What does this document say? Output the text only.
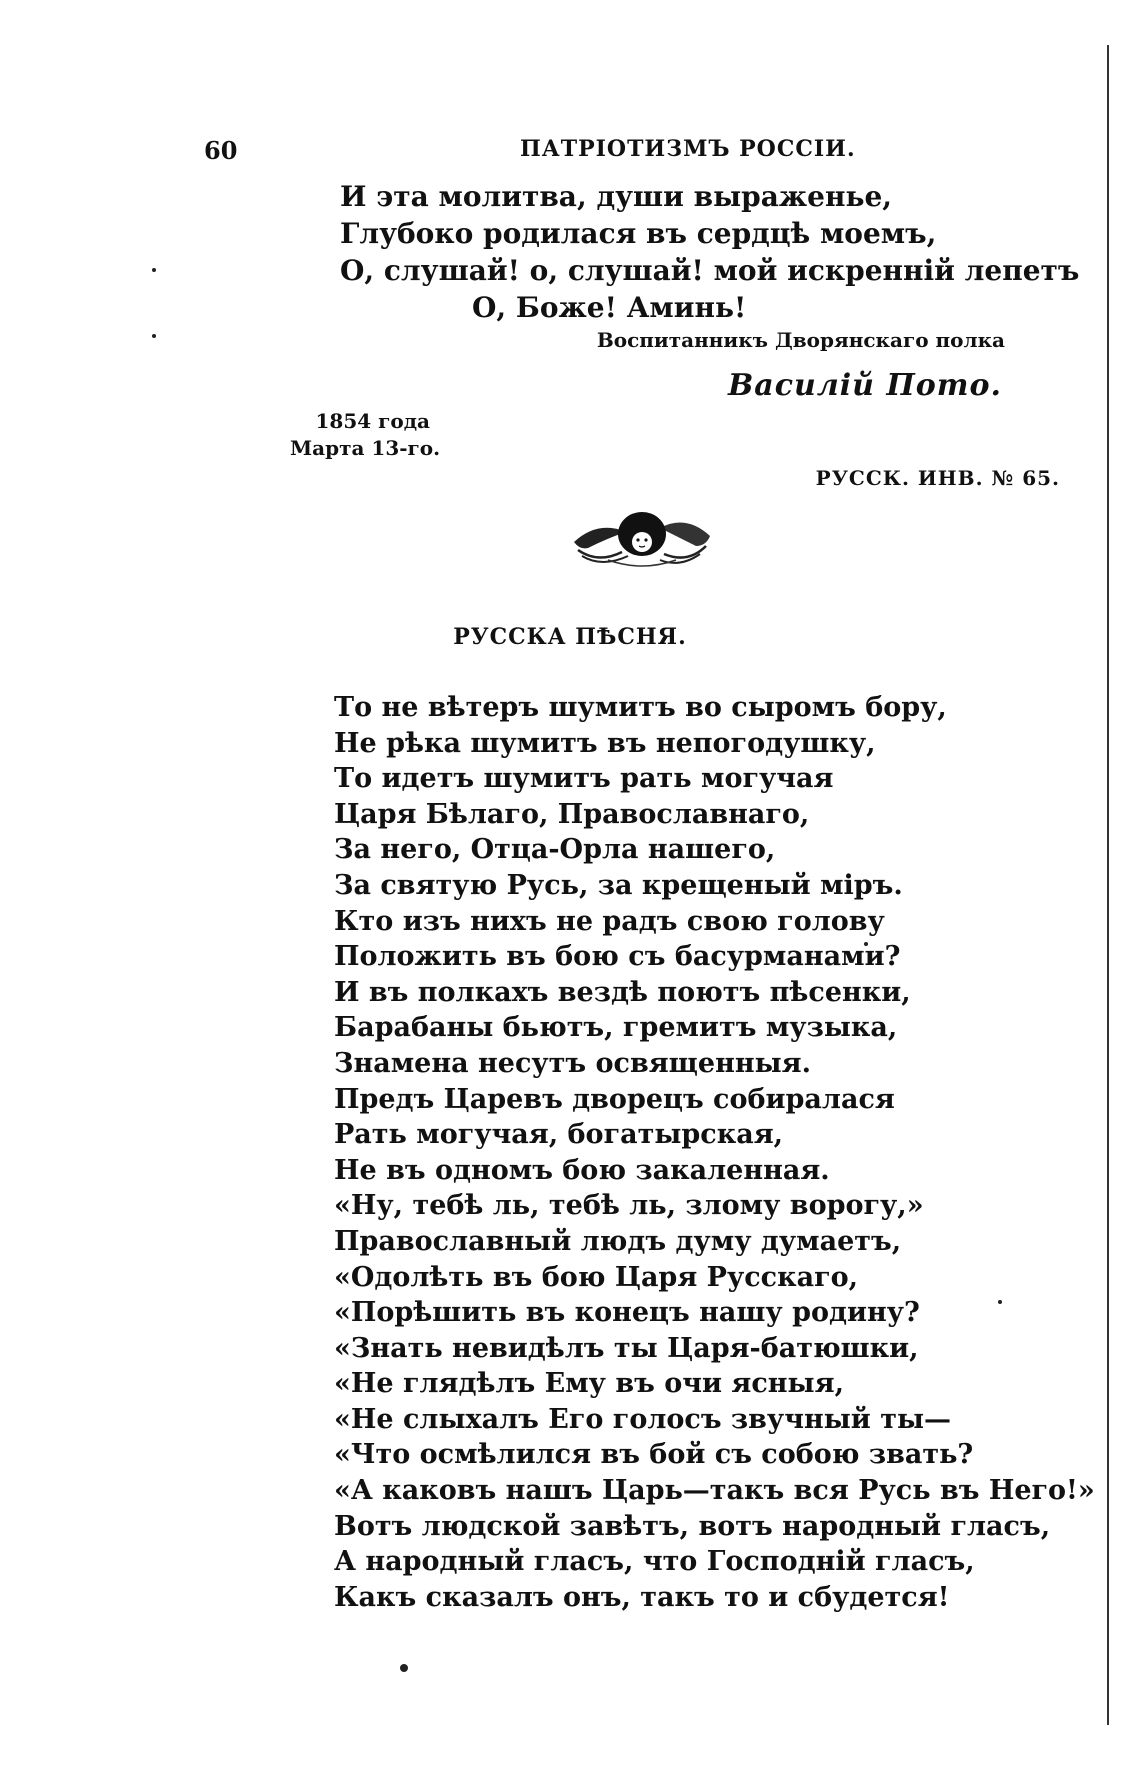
60	ПАТРІОТИЗМЪ РОССІИ.
И эта молитва, души выраженье,
Глубоко родилася въ сердцѣ моемъ,
О, слушай! о, слушай! мой искренній лепетъ
О, Боже! Аминь!
Воспитанникъ Дворянскаго полка
Василій Пото.
1854 года
Марта 13-го.
РУССК. ИНВ. № 65.
РУССКА ПѢСНЯ.
То не вѣтеръ шумитъ во сыромъ бору,
Не рѣка шумитъ въ непогодушку,
То идетъ шумитъ рать могучая
Царя Бѣлаго, Православнаго,
За него, Отца-Орла нашего,
За святую Русь, за крещеный міръ.
Кто изъ нихъ не радъ свою голову
Положить въ бою съ басурманами?
И въ полкахъ вездѣ поютъ пѣсенки,
Барабаны бьютъ, гремитъ музыка,
Знамена несутъ освященныя.
Предъ Царевъ дворецъ собиралася
Рать могучая, богатырская,
Не въ одномъ бою закаленная.
«Ну, тебѣ ль, тебѣ ль, злому ворогу,»
Православный людъ думу думаетъ,
«Одолѣть въ бою Царя Русскаго,
«Порѣшить въ конецъ нашу родину?
«Знать невидѣлъ ты Царя-батюшки,
«Не глядѣлъ Ему въ очи ясныя,
«Не слыхалъ Его голосъ звучный ты—
«Что осмѣлился въ бой съ собою звать?
«А каковъ нашъ Царь—такъ вся Русь въ Него!»
Вотъ людской завѣтъ, вотъ народный гласъ,
А народный гласъ, что Господній гласъ,
Какъ сказалъ онъ, такъ то и сбудется!
